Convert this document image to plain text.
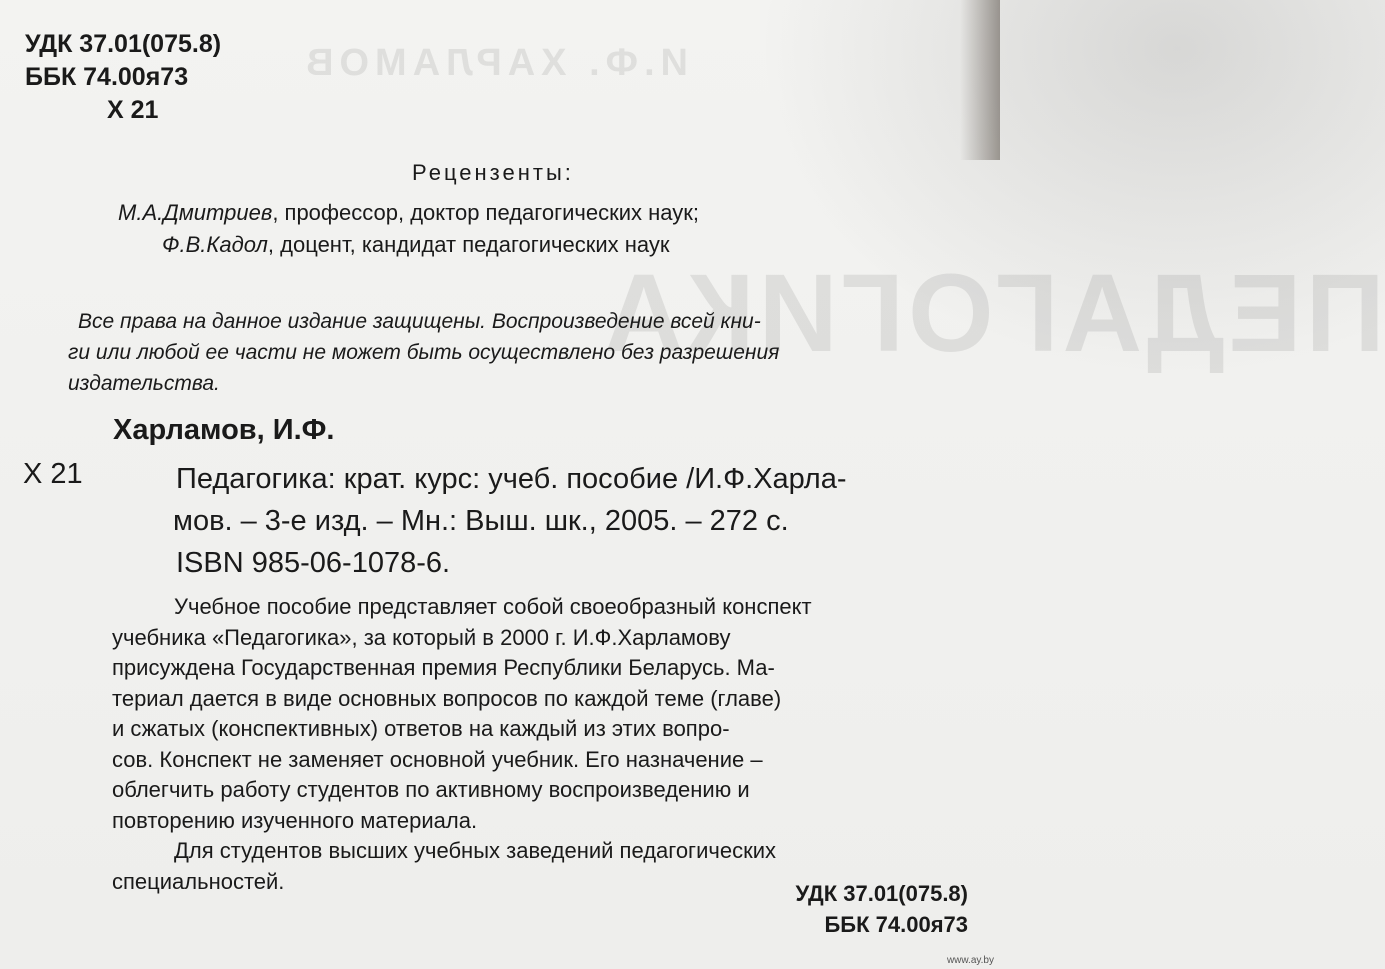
И.Ф. ХАРЛАМОВ
ПЕДАГОГИКА
УДК 37.01(075.8)
ББК 74.00я73
Х 21
Рецензенты:
М.А.Дмитриев, профессор, доктор педагогических наук;
Ф.В.Кадол, доцент, кандидат педагогических наук
Все права на данное издание защищены. Воспроизведение всей кни-
ги или любой ее части не может быть осуществлено без разрешения
издательства.
Харламов, И.Ф.
Х 21	Педагогика: крат. курс: учеб. пособие /И.Ф.Харла-
мов. – 3-е изд. – Мн.: Выш. шк., 2005. – 272 с.
ISBN 985-06-1078-6.
Учебное пособие представляет собой своеобразный конспект
учебника «Педагогика», за который в 2000 г. И.Ф.Харламову
присуждена Государственная премия Республики Беларусь. Ма-
териал дается в виде основных вопросов по каждой теме (главе)
и сжатых (конспективных) ответов на каждый из этих вопро-
сов. Конспект не заменяет основной учебник. Его назначение –
облегчить работу студентов по активному воспроизведению и
повторению изученного материала.
Для студентов высших учебных заведений педагогических
специальностей.	УДК 37.01(075.8)
ББК 74.00я73
www.ay.by
